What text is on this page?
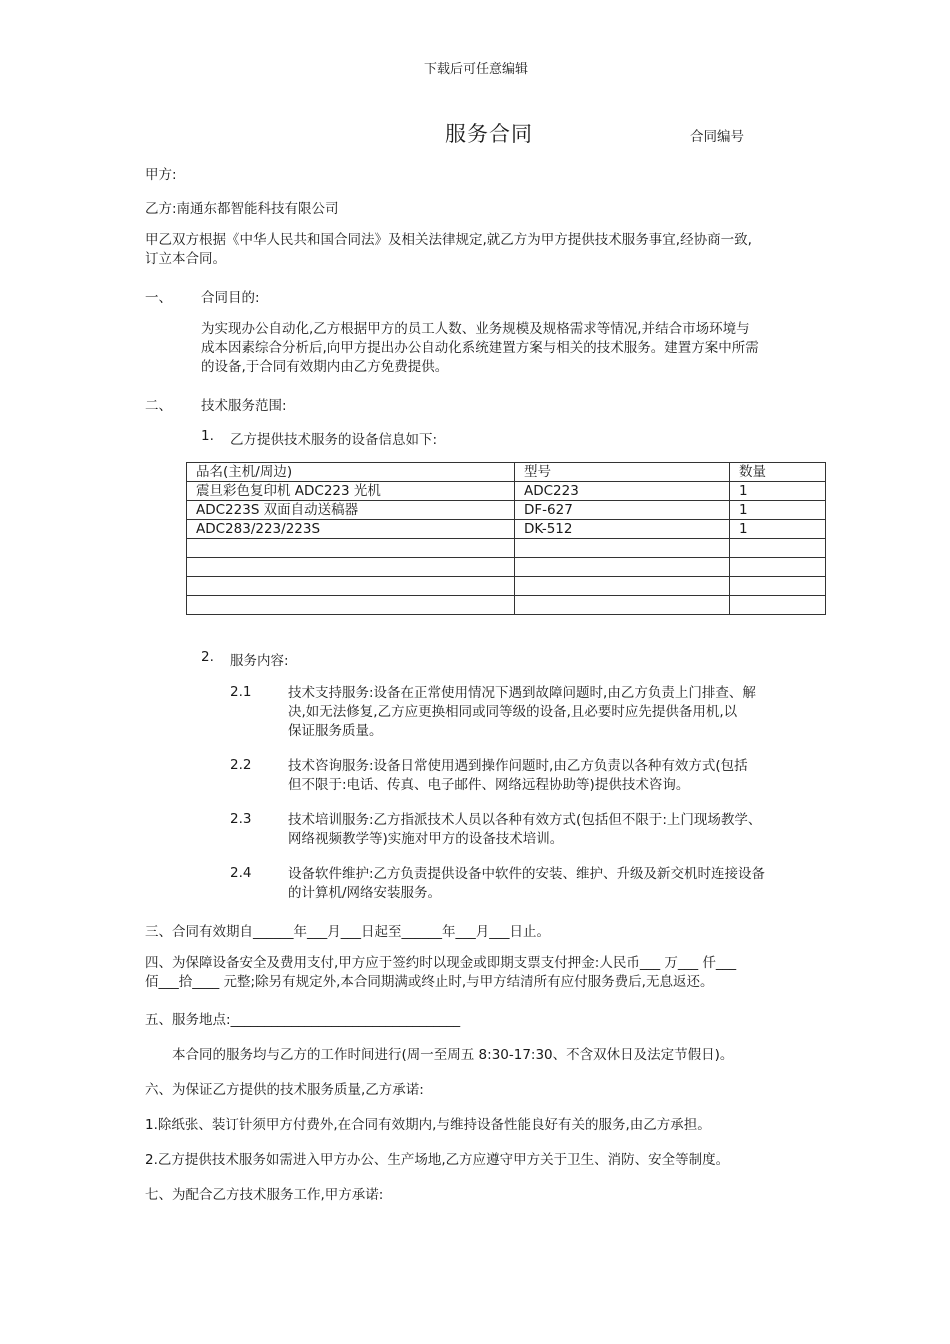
下载后可任意编辑
服务合同	合同编号
甲方:
乙方:南通东都智能科技有限公司
甲乙双方根据《中华人民共和国合同法》及相关法律规定,就乙方为甲方提供技术服务事宜,经协商一致,
订立本合同。
一、 合同目的:
为实现办公自动化,乙方根据甲方的员工人数、业务规模及规格需求等情况,并结合市场环境与
成本因素综合分析后,向甲方提出办公自动化系统建置方案与相关的技术服务。建置方案中所需
的设备,于合同有效期内由乙方免费提供。
二、 技术服务范围:
1. 乙方提供技术服务的设备信息如下:
品名(主机/周边)	型号	数量
震旦彩色复印机 ADC223 光机	ADC223	1
ADC223S 双面自动送稿器	DF-627	1
ADC283/223/223S	DK-512	1

2. 服务内容:
2.1	技术支持服务:设备在正常使用情况下遇到故障问题时,由乙方负责上门排查、解
决,如无法修复,乙方应更换相同或同等级的设备,且必要时应先提供备用机,以
保证服务质量。
2.2	技术咨询服务:设备日常使用遇到操作问题时,由乙方负责以各种有效方式(包括
但不限于:电话、传真、电子邮件、网络远程协助等)提供技术咨询。
2.3	技术培训服务:乙方指派技术人员以各种有效方式(包括但不限于:上门现场教学、
网络视频教学等)实施对甲方的设备技术培训。
2.4	设备软件维护:乙方负责提供设备中软件的安装、维护、升级及新交机时连接设备
的计算机/网络安装服务。
三、合同有效期自______年___月___日起至______年___月___日止。
四、为保障设备安全及费用支付,甲方应于签约时以现金或即期支票支付押金:人民币___ 万___ 仟___
佰___拾____ 元整;除另有规定外,本合同期满或终止时,与甲方结清所有应付服务费后,无息返还。
五、服务地点:__________________________________
本合同的服务均与乙方的工作时间进行(周一至周五 8:30-17:30、不含双休日及法定节假日)。
六、为保证乙方提供的技术服务质量,乙方承诺:
1.除纸张、装订针须甲方付费外,在合同有效期内,与维持设备性能良好有关的服务,由乙方承担。
2.乙方提供技术服务如需进入甲方办公、生产场地,乙方应遵守甲方关于卫生、消防、安全等制度。
七、为配合乙方技术服务工作,甲方承诺:
